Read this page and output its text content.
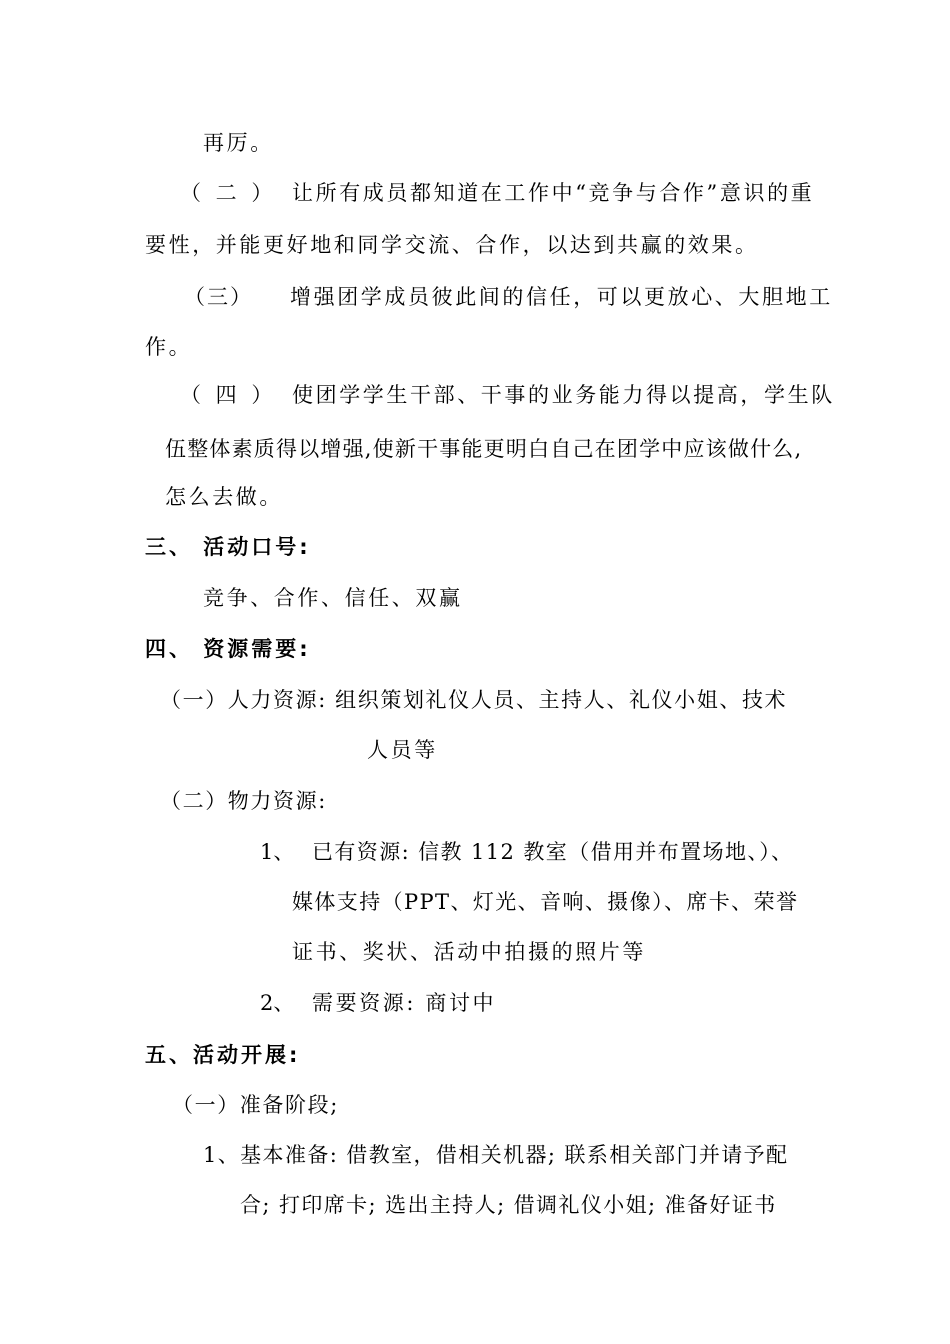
再厉。
（ 二 ） 让所有成员都知道在工作中“竞争与合作”意识的重
要性，并能更好地和同学交流、合作，以达到共赢的效果。
（三） 增强团学成员彼此间的信任，可以更放心、大胆地工
作。
（ 四 ） 使团学学生干部、干事的业务能力得以提高，学生队
伍整体素质得以增强,使新干事能更明白自己在团学中应该做什么,
怎么去做。
三、 活动口号:
竞争、合作、信任、双赢
四、 资源需要:
（一）人力资源: 组织策划礼仪人员、主持人、礼仪小姐、技术
人员等
（二）物力资源:
1、 已有资源: 信教 112 教室（借用并布置场地、）、
媒体支持（PPT、灯光、音响、摄像）、席卡、荣誉
证书、奖状、活动中拍摄的照片等
2、 需要资源: 商讨中
五、活动开展:
（一）准备阶段;
1、基本准备: 借教室，借相关机器; 联系相关部门并请予配
合; 打印席卡; 选出主持人; 借调礼仪小姐; 准备好证书
